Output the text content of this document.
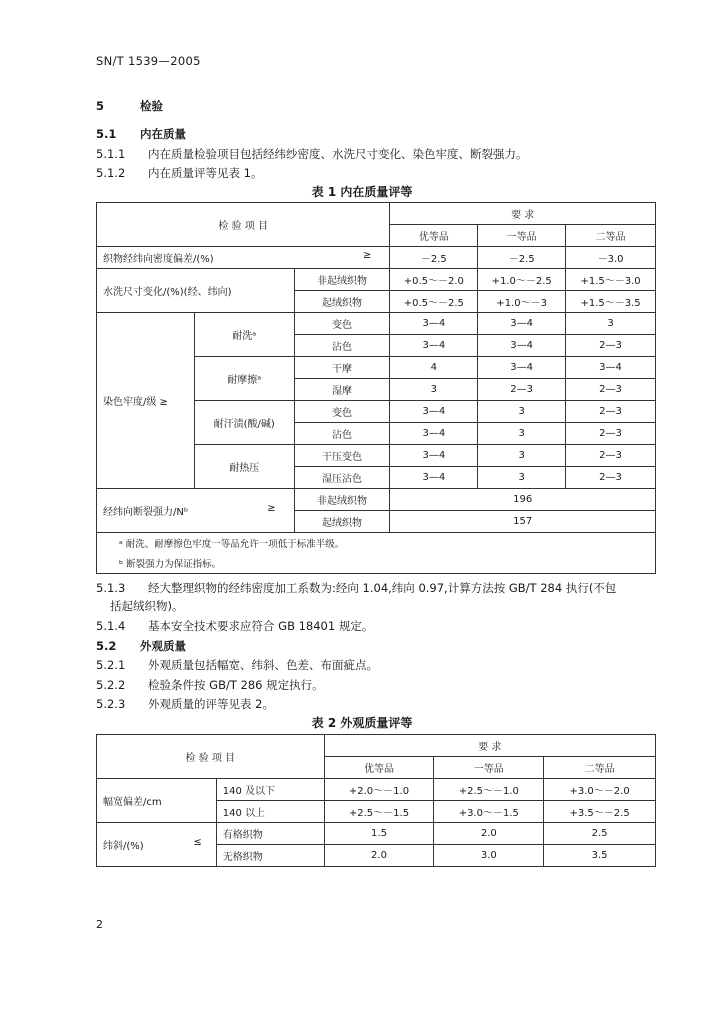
SN/T 1539—2005
5	检验
5.1 内在质量
5.1.1 内在质量检验项目包括经纬纱密度、水洗尺寸变化、染色牢度、断裂强力。
5.1.2 内在质量评等见表 1。
表 1 内在质量评等
检 验 项 目			要 求		
			优等品	一等品	二等品
织物经纬向密度偏差/(%) ≥			－2.5	－2.5	－3.0
水洗尺寸变化/(%)(经、纬向)		非起绒织物	+0.5～－2.0	+1.0～－2.5	+1.5～－3.0
		起绒织物	+0.5～－2.5	+1.0～－3	+1.5～－3.5
染色牢度/级 ≥	耐洗ᵃ	变色	3—4	3—4	3
		沾色	3—4	3—4	2—3
	耐摩擦ᵃ	干摩	4	3—4	3—4
		湿摩	3	2—3	2—3
	耐汗渍(酸/碱)	变色	3—4	3	2—3
		沾色	3—4	3	2—3
	耐热压	干压变色	3—4	3	2—3
		湿压沾色	3—4	3	2—3
经纬向断裂强力/Nᵇ ≥		非起绒织物	196		
		起绒织物	157		
ᵃ 耐洗、耐摩擦色牢度一等品允许一项低于标准半级。					
ᵇ 断裂强力为保证指标。					
5.1.3 经大整理织物的经纬密度加工系数为:经向 1.04,纬向 0.97,计算方法按 GB/T 284 执行(不包
括起绒织物)。
5.1.4 基本安全技术要求应符合 GB 18401 规定。
5.2 外观质量
5.2.1 外观质量包括幅宽、纬斜、色差、布面疵点。
5.2.2 检验条件按 GB/T 286 规定执行。
5.2.3 外观质量的评等见表 2。
表 2 外观质量评等
检 验 项 目		要 求		
		优等品	一等品	二等品
幅宽偏差/cm	140 及以下	+2.0～－1.0	+2.5～－1.0	+3.0～－2.0
	140 以上	+2.5～－1.5	+3.0～－1.5	+3.5～－2.5
纬斜/(%) ≤	有格织物	1.5	2.0	2.5
	无格织物	2.0	3.0	3.5
2
